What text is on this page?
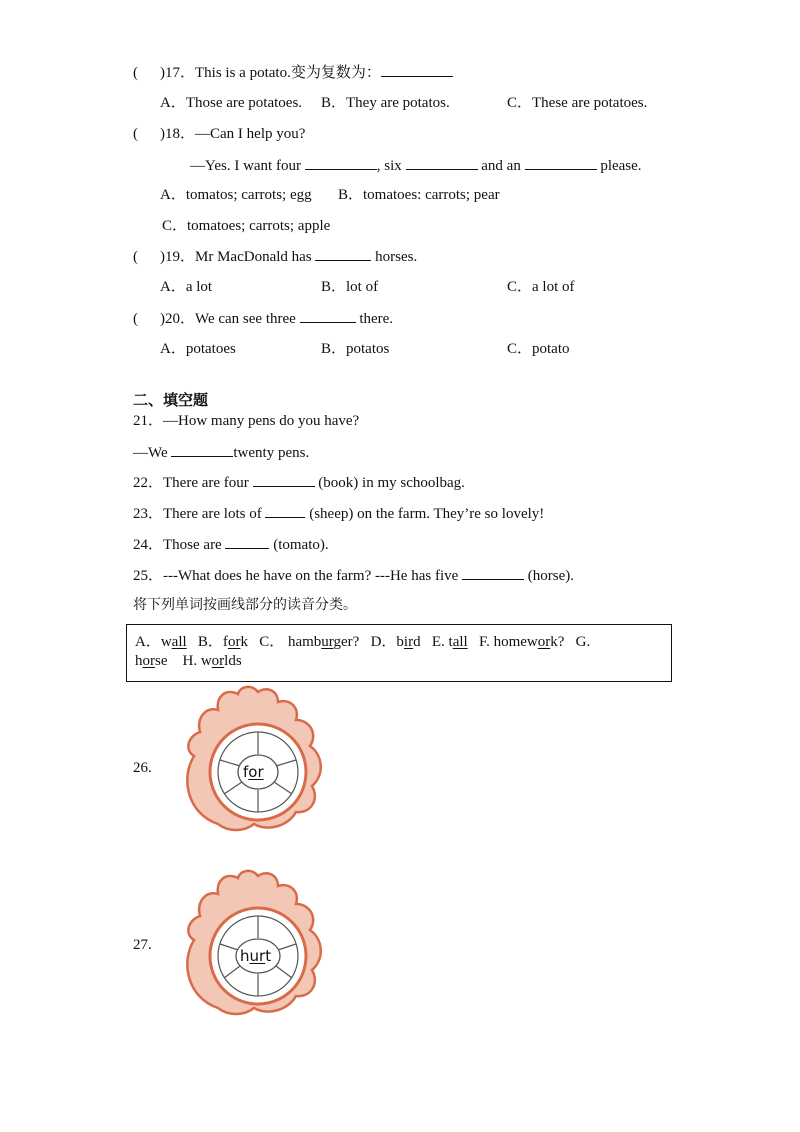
( )17．This is a potato.变为复数为：
A．Those are potatoes. B．They are potatos.	C．These are potatoes.
( )18．—Can I help you?
—Yes. I want four	, six	and an	please.
A．tomatos; carrots; egg B．tomatoes: carrots; pear
C．tomatoes; carrots; apple
( )19．Mr MacDonald has	horses.
A．a lot	B．lot of	C．a lot of
( )20．We can see three	there.
A．potatoes	B．potatos	C．potato
二、填空题
21．—How many pens do you have?
—We	twenty pens.
22．There are four	(book) in my schoolbag.
23．There are lots of	(sheep) on the farm. They’re so lovely!
24．Those are	(tomato).
25．---What does he have on the farm? ---He has five	(horse).
将下列单词按画线部分的读音分类。
A．wall B．fork C． hamburger? D．bird E. tall F. homework? G.
horse H. worlds
26.	for
27.
hurt
